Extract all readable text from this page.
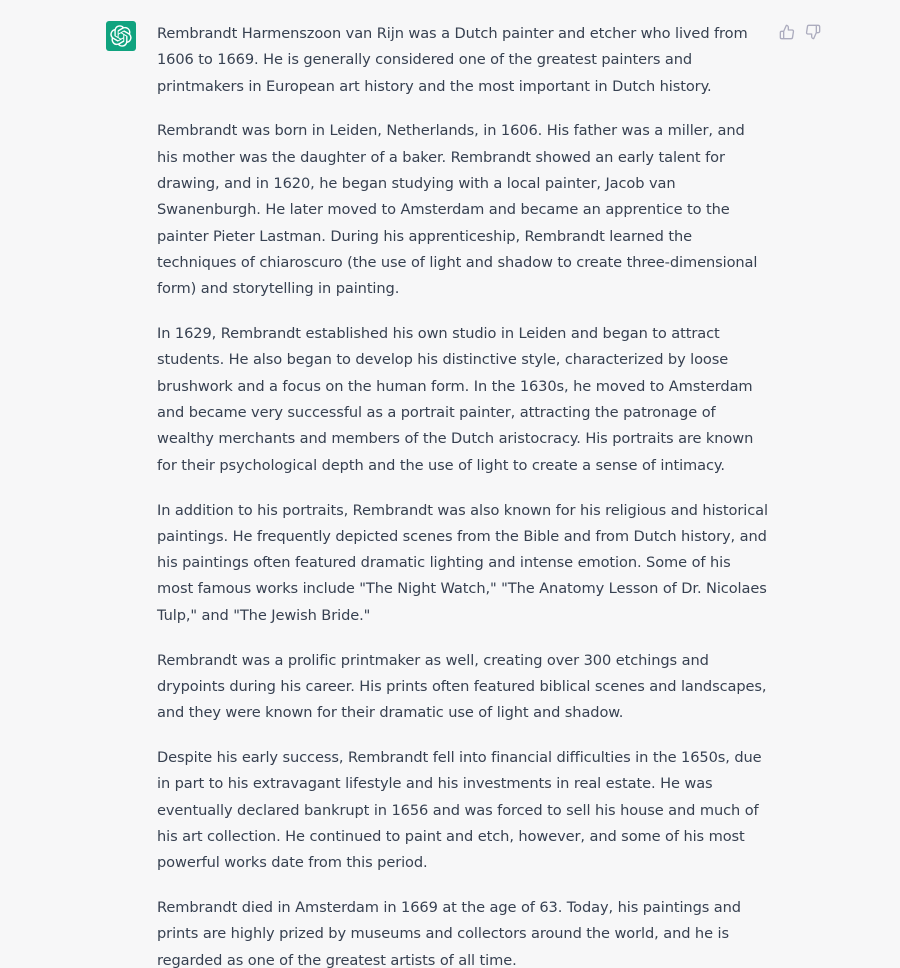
Rembrandt Harmenszoon van Rijn was a Dutch painter and etcher who lived from 1606 to 1669. He is generally considered one of the greatest painters and printmakers in European art history and the most important in Dutch history.

Rembrandt was born in Leiden, Netherlands, in 1606. His father was a miller, and his mother was the daughter of a baker. Rembrandt showed an early talent for drawing, and in 1620, he began studying with a local painter, Jacob van Swanenburgh. He later moved to Amsterdam and became an apprentice to the painter Pieter Lastman. During his apprenticeship, Rembrandt learned the techniques of chiaroscuro (the use of light and shadow to create three-dimensional form) and storytelling in painting.

In 1629, Rembrandt established his own studio in Leiden and began to attract students. He also began to develop his distinctive style, characterized by loose brushwork and a focus on the human form. In the 1630s, he moved to Amsterdam and became very successful as a portrait painter, attracting the patronage of wealthy merchants and members of the Dutch aristocracy. His portraits are known for their psychological depth and the use of light to create a sense of intimacy.

In addition to his portraits, Rembrandt was also known for his religious and historical paintings. He frequently depicted scenes from the Bible and from Dutch history, and his paintings often featured dramatic lighting and intense emotion. Some of his most famous works include "The Night Watch," "The Anatomy Lesson of Dr. Nicolaes Tulp," and "The Jewish Bride."

Rembrandt was a prolific printmaker as well, creating over 300 etchings and drypoints during his career. His prints often featured biblical scenes and landscapes, and they were known for their dramatic use of light and shadow.

Despite his early success, Rembrandt fell into financial difficulties in the 1650s, due in part to his extravagant lifestyle and his investments in real estate. He was eventually declared bankrupt in 1656 and was forced to sell his house and much of his art collection. He continued to paint and etch, however, and some of his most powerful works date from this period.

Rembrandt died in Amsterdam in 1669 at the age of 63. Today, his paintings and prints are highly prized by museums and collectors around the world, and he is regarded as one of the greatest artists of all time.
